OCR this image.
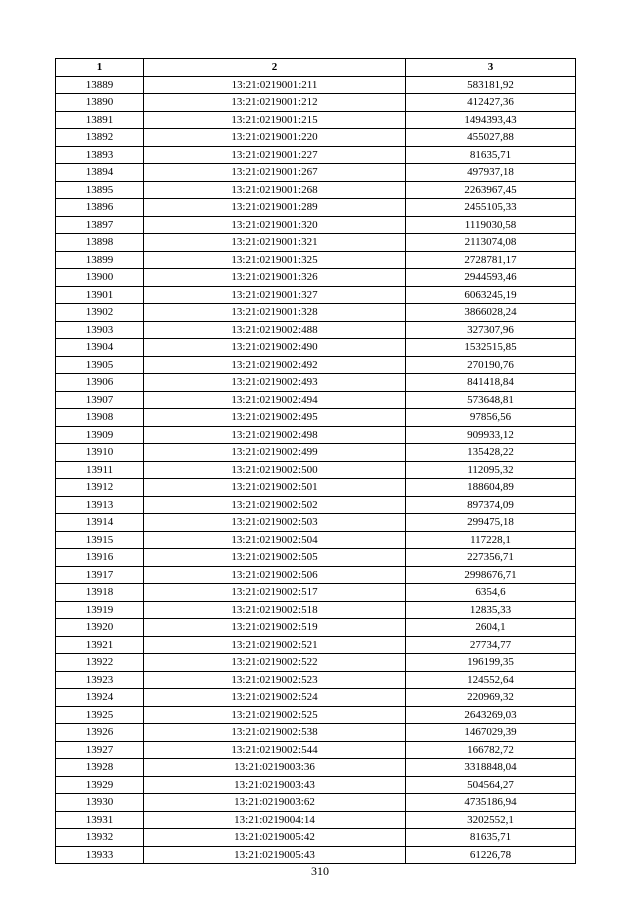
1	2	3
13889	13:21:0219001:211	583181,92
13890	13:21:0219001:212	412427,36
13891	13:21:0219001:215	1494393,43
13892	13:21:0219001:220	455027,88
13893	13:21:0219001:227	81635,71
13894	13:21:0219001:267	497937,18
13895	13:21:0219001:268	2263967,45
13896	13:21:0219001:289	2455105,33
13897	13:21:0219001:320	1119030,58
13898	13:21:0219001:321	2113074,08
13899	13:21:0219001:325	2728781,17
13900	13:21:0219001:326	2944593,46
13901	13:21:0219001:327	6063245,19
13902	13:21:0219001:328	3866028,24
13903	13:21:0219002:488	327307,96
13904	13:21:0219002:490	1532515,85
13905	13:21:0219002:492	270190,76
13906	13:21:0219002:493	841418,84
13907	13:21:0219002:494	573648,81
13908	13:21:0219002:495	97856,56
13909	13:21:0219002:498	909933,12
13910	13:21:0219002:499	135428,22
13911	13:21:0219002:500	112095,32
13912	13:21:0219002:501	188604,89
13913	13:21:0219002:502	897374,09
13914	13:21:0219002:503	299475,18
13915	13:21:0219002:504	117228,1
13916	13:21:0219002:505	227356,71
13917	13:21:0219002:506	2998676,71
13918	13:21:0219002:517	6354,6
13919	13:21:0219002:518	12835,33
13920	13:21:0219002:519	2604,1
13921	13:21:0219002:521	27734,77
13922	13:21:0219002:522	196199,35
13923	13:21:0219002:523	124552,64
13924	13:21:0219002:524	220969,32
13925	13:21:0219002:525	2643269,03
13926	13:21:0219002:538	1467029,39
13927	13:21:0219002:544	166782,72
13928	13:21:0219003:36	3318848,04
13929	13:21:0219003:43	504564,27
13930	13:21:0219003:62	4735186,94
13931	13:21:0219004:14	3202552,1
13932	13:21:0219005:42	81635,71
13933	13:21:0219005:43	61226,78
310
